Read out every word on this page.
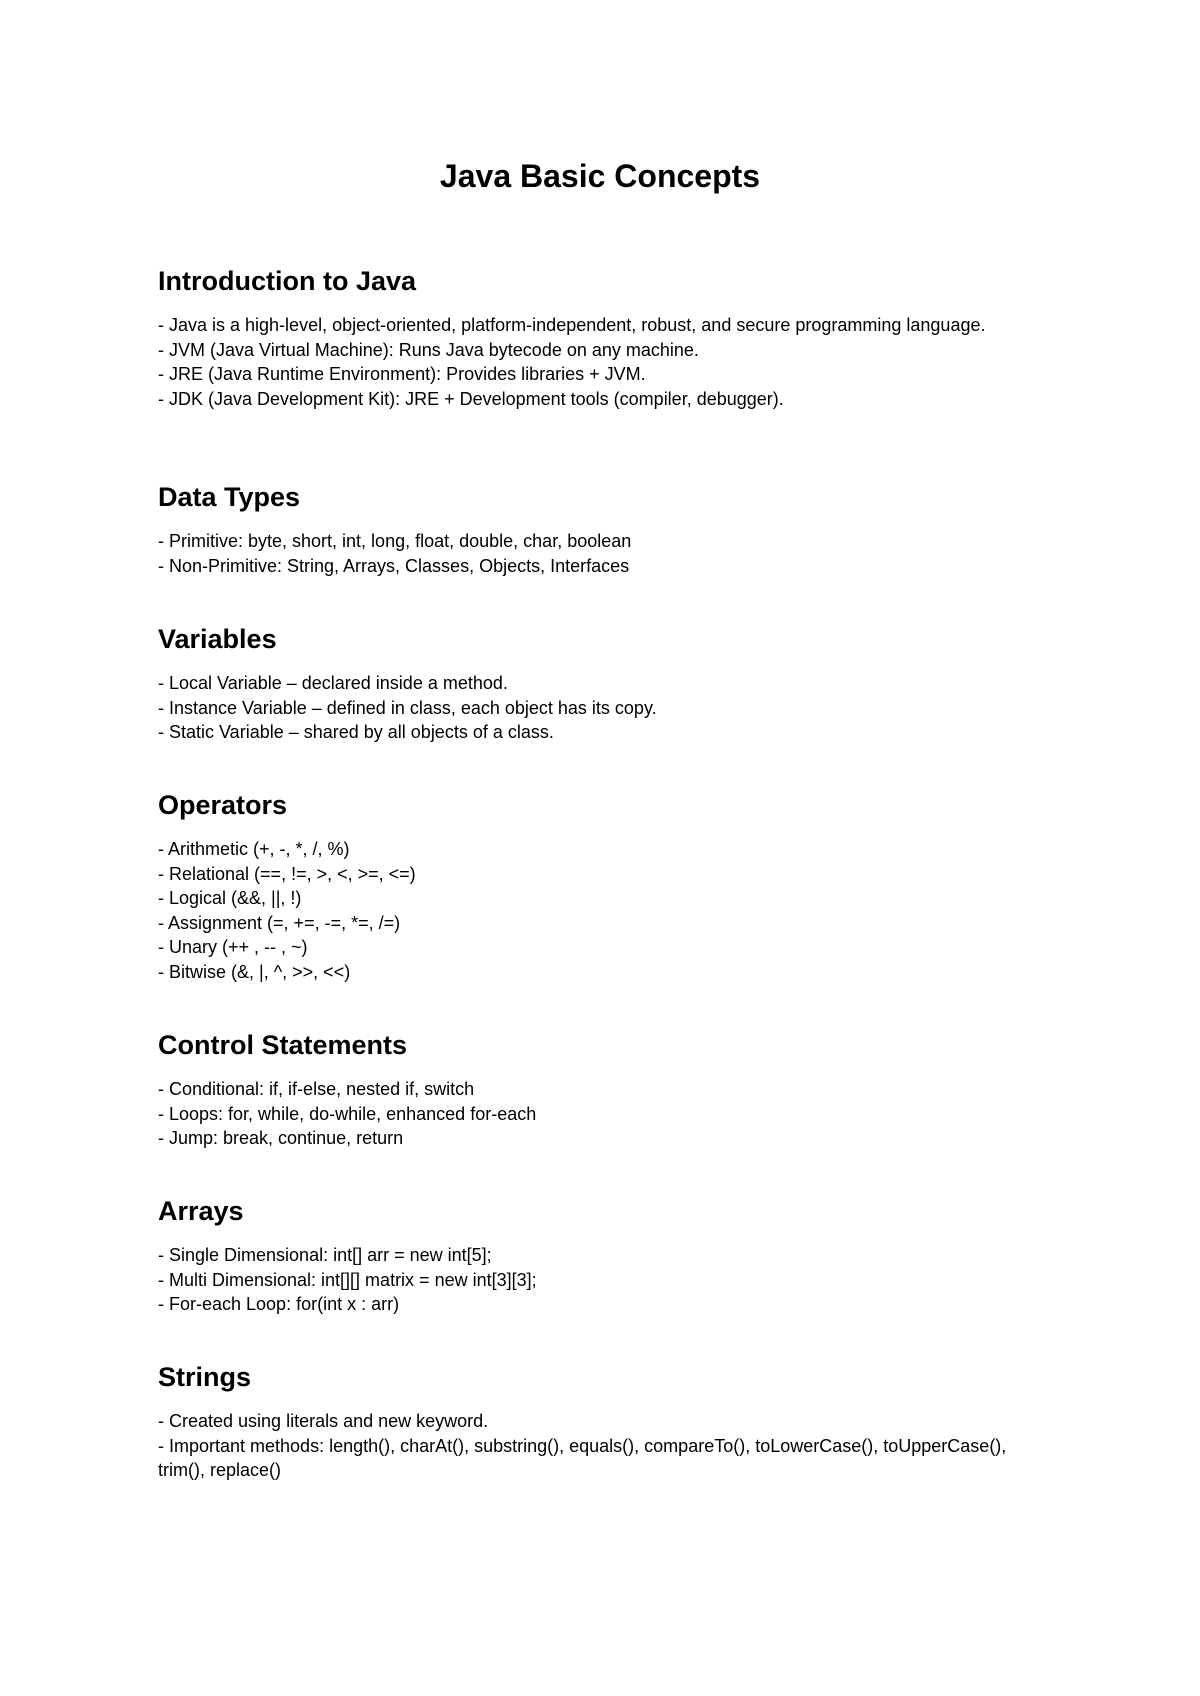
Java Basic Concepts
Introduction to Java

- Java is a high-level, object-oriented, platform-independent, robust, and secure programming language.

- JVM (Java Virtual Machine): Runs Java bytecode on any machine.

- JRE (Java Runtime Environment): Provides libraries + JVM.

- JDK (Java Development Kit): JRE + Development tools (compiler, debugger).

Data Types

- Primitive: byte, short, int, long, float, double, char, boolean

- Non-Primitive: String, Arrays, Classes, Objects, Interfaces

Variables

- Local Variable – declared inside a method.

- Instance Variable – defined in class, each object has its copy.

- Static Variable – shared by all objects of a class.

Operators

- Arithmetic (+, -, *, /, %)

- Relational (==, !=, >, <, >=, <=)

- Logical (&&, ||, !)

- Assignment (=, +=, -=, *=, /=)

- Unary (++ , -- , ~)

- Bitwise (&, |, ^, >>, <<)

Control Statements

- Conditional: if, if-else, nested if, switch

- Loops: for, while, do-while, enhanced for-each

- Jump: break, continue, return

Arrays

- Single Dimensional: int[] arr = new int[5];

- Multi Dimensional: int[][] matrix = new int[3][3];

- For-each Loop: for(int x : arr)

Strings

- Created using literals and new keyword.

- Important methods: length(), charAt(), substring(), equals(), compareTo(), toLowerCase(), toUpperCase(), trim(), replace()
